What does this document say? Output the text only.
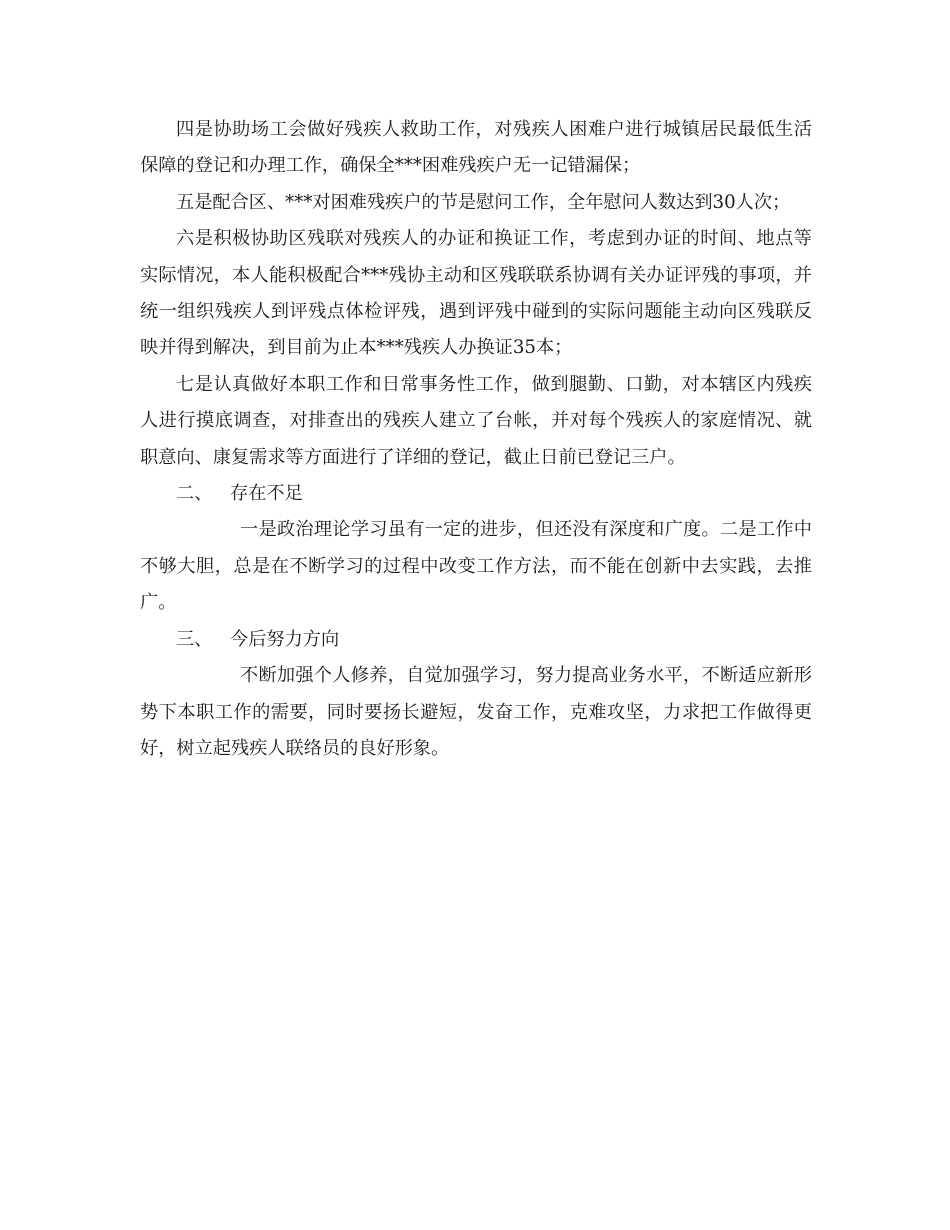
四是协助场工会做好残疾人救助工作，对残疾人困难户进行城镇居民最低生活保障的登记和办理工作，确保全***困难残疾户无一记错漏保；

五是配合区、***对困难残疾户的节是慰问工作，全年慰问人数达到30人次；

六是积极协助区残联对残疾人的办证和换证工作，考虑到办证的时间、地点等实际情况，本人能积极配合***残协主动和区残联联系协调有关办证评残的事项，并统一组织残疾人到评残点体检评残，遇到评残中碰到的实际问题能主动向区残联反映并得到解决，到目前为止本***残疾人办换证35本；

七是认真做好本职工作和日常事务性工作，做到腿勤、口勤，对本辖区内残疾人进行摸底调查，对排查出的残疾人建立了台帐，并对每个残疾人的家庭情况、就职意向、康复需求等方面进行了详细的登记，截止日前已登记三户。

二、 存在不足

一是政治理论学习虽有一定的进步，但还没有深度和广度。二是工作中不够大胆，总是在不断学习的过程中改变工作方法，而不能在创新中去实践，去推广。

三、 今后努力方向

不断加强个人修养，自觉加强学习，努力提高业务水平，不断适应新形势下本职工作的需要，同时要扬长避短，发奋工作，克难攻坚，力求把工作做得更好，树立起残疾人联络员的良好形象。
